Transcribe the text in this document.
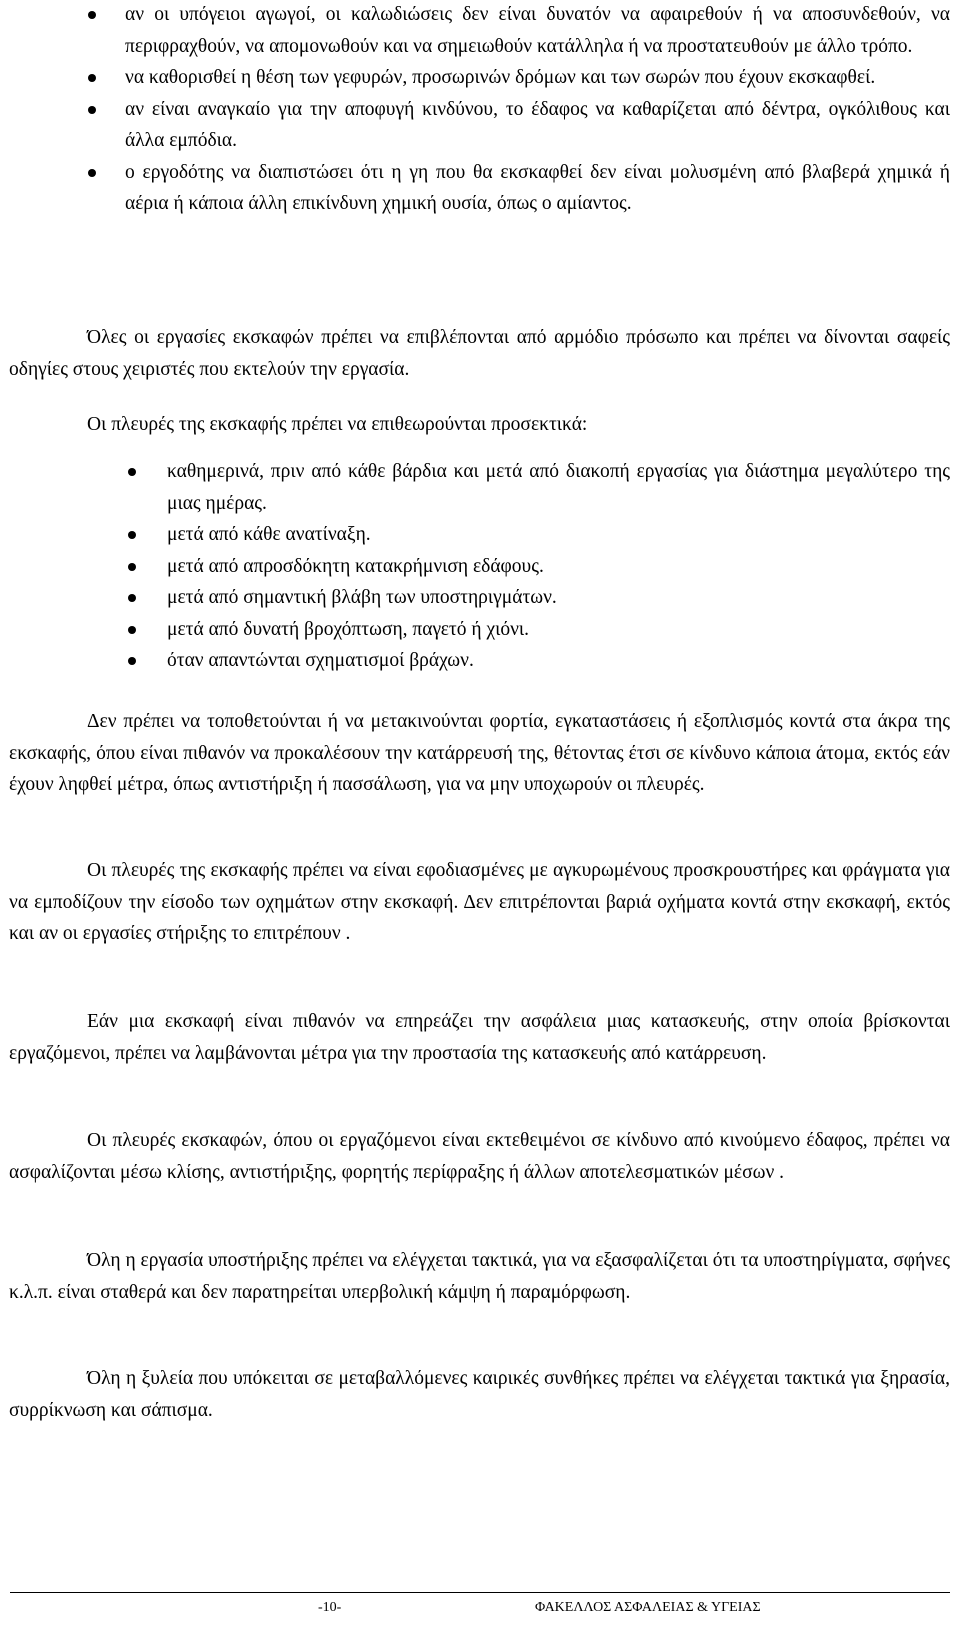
αν οι υπόγειοι αγωγοί, οι καλωδιώσεις δεν είναι δυνατόν να αφαιρεθούν ή να αποσυνδεθούν, να περιφραχθούν, να απομονωθούν και να σημειωθούν κατάλληλα ή να προστατευθούν με άλλο τρόπο.
να καθορισθεί η θέση των γεφυρών, προσωρινών δρόμων και των σωρών που έχουν εκσκαφθεί.
αν είναι αναγκαίο για την αποφυγή κινδύνου, το έδαφος να καθαρίζεται από δέντρα, ογκόλιθους και άλλα εμπόδια.
ο εργοδότης να διαπιστώσει ότι η γη που θα εκσκαφθεί δεν είναι μολυσμένη από βλαβερά χημικά ή αέρια ή κάποια άλλη επικίνδυνη χημική ουσία, όπως ο αμίαντος.

Όλες οι εργασίες εκσκαφών πρέπει να επιβλέπονται από αρμόδιο πρόσωπο και πρέπει να δίνονται σαφείς οδηγίες στους χειριστές που εκτελούν την εργασία.

Οι πλευρές της εκσκαφής πρέπει να επιθεωρούνται προσεκτικά:

καθημερινά, πριν από κάθε βάρδια και μετά από διακοπή εργασίας για διάστημα μεγαλύτερο της μιας ημέρας.
μετά από κάθε ανατίναξη.
μετά από απροσδόκητη κατακρήμνιση εδάφους.
μετά από σημαντική βλάβη των υποστηριγμάτων.
μετά από δυνατή βροχόπτωση, παγετό ή χιόνι.
όταν απαντώνται σχηματισμοί βράχων.

Δεν πρέπει να τοποθετούνται ή να μετακινούνται φορτία, εγκαταστάσεις ή εξοπλισμός κοντά στα άκρα της εκσκαφής, όπου είναι πιθανόν να προκαλέσουν την κατάρρευσή της, θέτοντας έτσι σε κίνδυνο κάποια άτομα, εκτός εάν έχουν ληφθεί μέτρα, όπως αντιστήριξη ή πασσάλωση, για να μην υποχωρούν οι πλευρές.

Οι πλευρές της εκσκαφής πρέπει να είναι εφοδιασμένες με αγκυρωμένους προσκρουστήρες και φράγματα για να εμποδίζουν την είσοδο των οχημάτων στην εκσκαφή. Δεν επιτρέπονται βαριά οχήματα κοντά στην εκσκαφή, εκτός και αν οι εργασίες στήριξης το επιτρέπουν .

Εάν μια εκσκαφή είναι πιθανόν να επηρεάζει την ασφάλεια μιας κατασκευής, στην οποία βρίσκονται εργαζόμενοι, πρέπει να λαμβάνονται μέτρα για την προστασία της κατασκευής από κατάρρευση.

Οι πλευρές εκσκαφών, όπου οι εργαζόμενοι είναι εκτεθειμένοι σε κίνδυνο από κινούμενο έδαφος, πρέπει να ασφαλίζονται μέσω κλίσης, αντιστήριξης, φορητής περίφραξης ή άλλων αποτελεσματικών μέσων .

Όλη η εργασία υποστήριξης πρέπει να ελέγχεται τακτικά, για να εξασφαλίζεται ότι τα υποστηρίγματα, σφήνες κ.λ.π. είναι σταθερά και δεν παρατηρείται υπερβολική κάμψη ή παραμόρφωση.

Όλη η ξυλεία που υπόκειται σε μεταβαλλόμενες καιρικές συνθήκες πρέπει να ελέγχεται τακτικά για ξηρασία, συρρίκνωση και σάπισμα.

-10-	ΦΑΚΕΛΛΟΣ ΑΣΦΑΛΕΙΑΣ & ΥΓΕΙΑΣ
